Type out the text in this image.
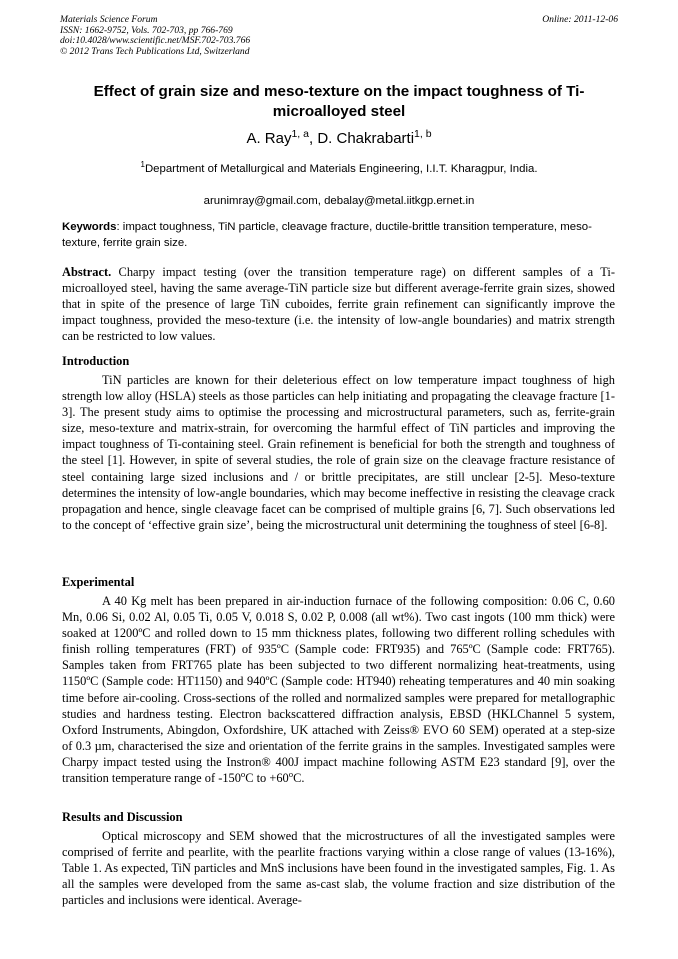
Materials Science Forum
ISSN: 1662-9752, Vols. 702-703, pp 766-769
doi:10.4028/www.scientific.net/MSF.702-703.766
© 2012 Trans Tech Publications Ltd, Switzerland
Online: 2011-12-06
Effect of grain size and meso-texture on the impact toughness of Ti-microalloyed steel
A. Ray$^{1, a}$, D. Chakrabarti$^{1, b}$
$^1$Department of Metallurgical and Materials Engineering, I.I.T. Kharagpur, India.
arunimray@gmail.com, debalay@metal.iitkgp.ernet.in
Keywords: impact toughness, TiN particle, cleavage fracture, ductile-brittle transition temperature, meso-texture, ferrite grain size.

Abstract. Charpy impact testing (over the transition temperature rage) on different samples of a Ti-microalloyed steel, having the same average-TiN particle size but different average-ferrite grain sizes, showed that in spite of the presence of large TiN cuboides, ferrite grain refinement can significantly improve the impact toughness, provided the meso-texture (i.e. the intensity of low-angle boundaries) and matrix strength can be restricted to low values.

Introduction

TiN particles are known for their deleterious effect on low temperature impact toughness of high strength low alloy (HSLA) steels as those particles can help initiating and propagating the cleavage fracture [1-3]. The present study aims to optimise the processing and microstructural parameters, such as, ferrite-grain size, meso-texture and matrix-strain, for overcoming the harmful effect of TiN particles and improving the impact toughness of Ti-containing steel. Grain refinement is beneficial for both the strength and toughness of the steel [1]. However, in spite of several studies, the role of grain size on the cleavage fracture resistance of steel containing large sized inclusions and / or brittle precipitates, are still unclear [2-5]. Meso-texture determines the intensity of low-angle boundaries, which may become ineffective in resisting the cleavage crack propagation and hence, single cleavage facet can be comprised of multiple grains [6, 7]. Such observations led to the concept of ‘effective grain size’, being the microstructural unit determining the toughness of steel [6-8].

Experimental

A 40 Kg melt has been prepared in air-induction furnace of the following composition: 0.06 C, 0.60 Mn, 0.06 Si, 0.02 Al, 0.05 Ti, 0.05 V, 0.018 S, 0.02 P, 0.008 (all wt%). Two cast ingots (100 mm thick) were soaked at 1200ºC and rolled down to 15 mm thickness plates, following two different rolling schedules with finish rolling temperatures (FRT) of 935ºC (Sample code: FRT935) and 765ºC (Sample code: FRT765). Samples taken from FRT765 plate has been subjected to two different normalizing heat-treatments, using 1150ºC (Sample code: HT1150) and 940ºC (Sample code: HT940) reheating temperatures and 40 min soaking time before air-cooling. Cross-sections of the rolled and normalized samples were prepared for metallographic studies and hardness testing. Electron backscattered diffraction analysis, EBSD (HKLChannel 5 system, Oxford Instruments, Abingdon, Oxfordshire, UK attached with Zeiss® EVO 60 SEM) operated at a step-size of 0.3 µm, characterised the size and orientation of the ferrite grains in the samples. Investigated samples were Charpy impact tested using the Instron® 400J impact machine following ASTM E23 standard [9], over the transition temperature range of -150$^o$C to $+60^oC$.

Results and Discussion

Optical microscopy and SEM showed that the microstructures of all the investigated samples were comprised of ferrite and pearlite, with the pearlite fractions varying within a close range of values (13-16%), Table 1. As expected, TiN particles and MnS inclusions have been found in the investigated samples, Fig. 1. As all the samples were developed from the same as-cast slab, the volume fraction and size distribution of the particles and inclusions were identical. Average-
